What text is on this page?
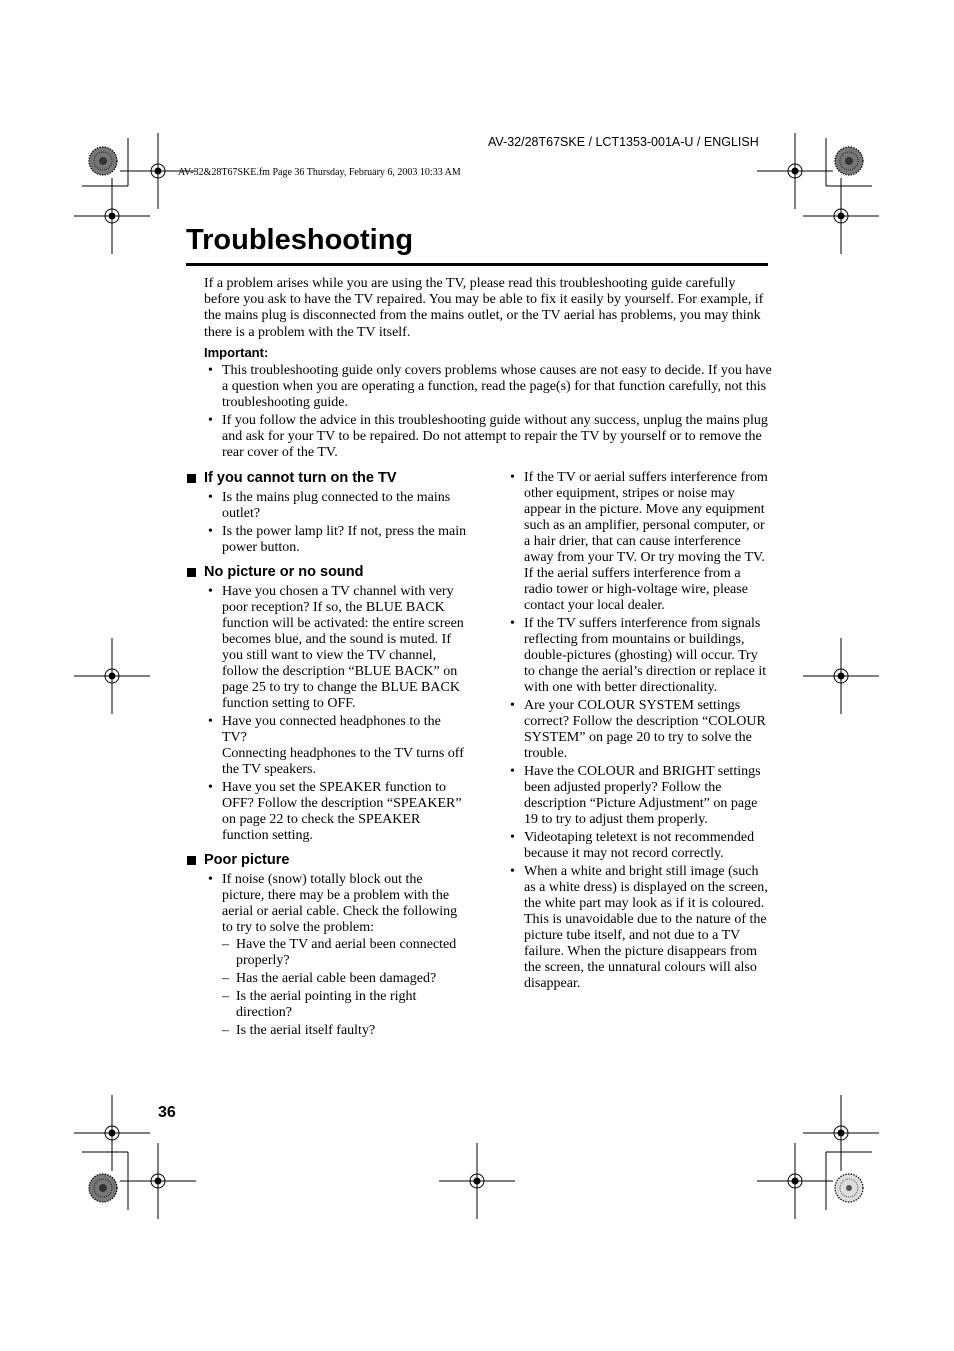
AV-32/28T67SKE / LCT1353-001A-U / ENGLISH
AV-32&28T67SKE.fm Page 36 Thursday, February 6, 2003 10:33 AM
Troubleshooting

If a problem arises while you are using the TV, please read this troubleshooting guide carefully before you ask to have the TV repaired. You may be able to fix it easily by yourself. For example, if the mains plug is disconnected from the mains outlet, or the TV aerial has problems, you may think there is a problem with the TV itself.

Important:
• This troubleshooting guide only covers problems whose causes are not easy to decide. If you have a question when you are operating a function, read the page(s) for that function carefully, not this troubleshooting guide.
• If you follow the advice in this troubleshooting guide without any success, unplug the mains plug and ask for your TV to be repaired. Do not attempt to repair the TV by yourself or to remove the rear cover of the TV.
If you cannot turn on the TV
• Is the mains plug connected to the mains outlet?
• Is the power lamp lit? If not, press the main power button.
No picture or no sound
• Have you chosen a TV channel with very poor reception? If so, the BLUE BACK function will be activated: the entire screen becomes blue, and the sound is muted. If you still want to view the TV channel, follow the description “BLUE BACK” on page 25 to try to change the BLUE BACK function setting to OFF.
• Have you connected headphones to the TV?
Connecting headphones to the TV turns off the TV speakers.
• Have you set the SPEAKER function to OFF? Follow the description “SPEAKER” on page 22 to check the SPEAKER function setting.
Poor picture
• If noise (snow) totally block out the picture, there may be a problem with the aerial or aerial cable. Check the following to try to solve the problem:
– Have the TV and aerial been connected properly?
– Has the aerial cable been damaged?
– Is the aerial pointing in the right direction?
– Is the aerial itself faulty?
• If the TV or aerial suffers interference from other equipment, stripes or noise may appear in the picture. Move any equipment such as an amplifier, personal computer, or a hair drier, that can cause interference away from your TV. Or try moving the TV. If the aerial suffers interference from a radio tower or high-voltage wire, please contact your local dealer.
• If the TV suffers interference from signals reflecting from mountains or buildings, double-pictures (ghosting) will occur. Try to change the aerial’s direction or replace it with one with better directionality.
• Are your COLOUR SYSTEM settings correct? Follow the description “COLOUR SYSTEM” on page 20 to try to solve the trouble.
• Have the COLOUR and BRIGHT settings been adjusted properly? Follow the description “Picture Adjustment” on page 19 to try to adjust them properly.
• Videotaping teletext is not recommended because it may not record correctly.
• When a white and bright still image (such as a white dress) is displayed on the screen, the white part may look as if it is coloured. This is unavoidable due to the nature of the picture tube itself, and not due to a TV failure. When the picture disappears from the screen, the unnatural colours will also disappear.
36
